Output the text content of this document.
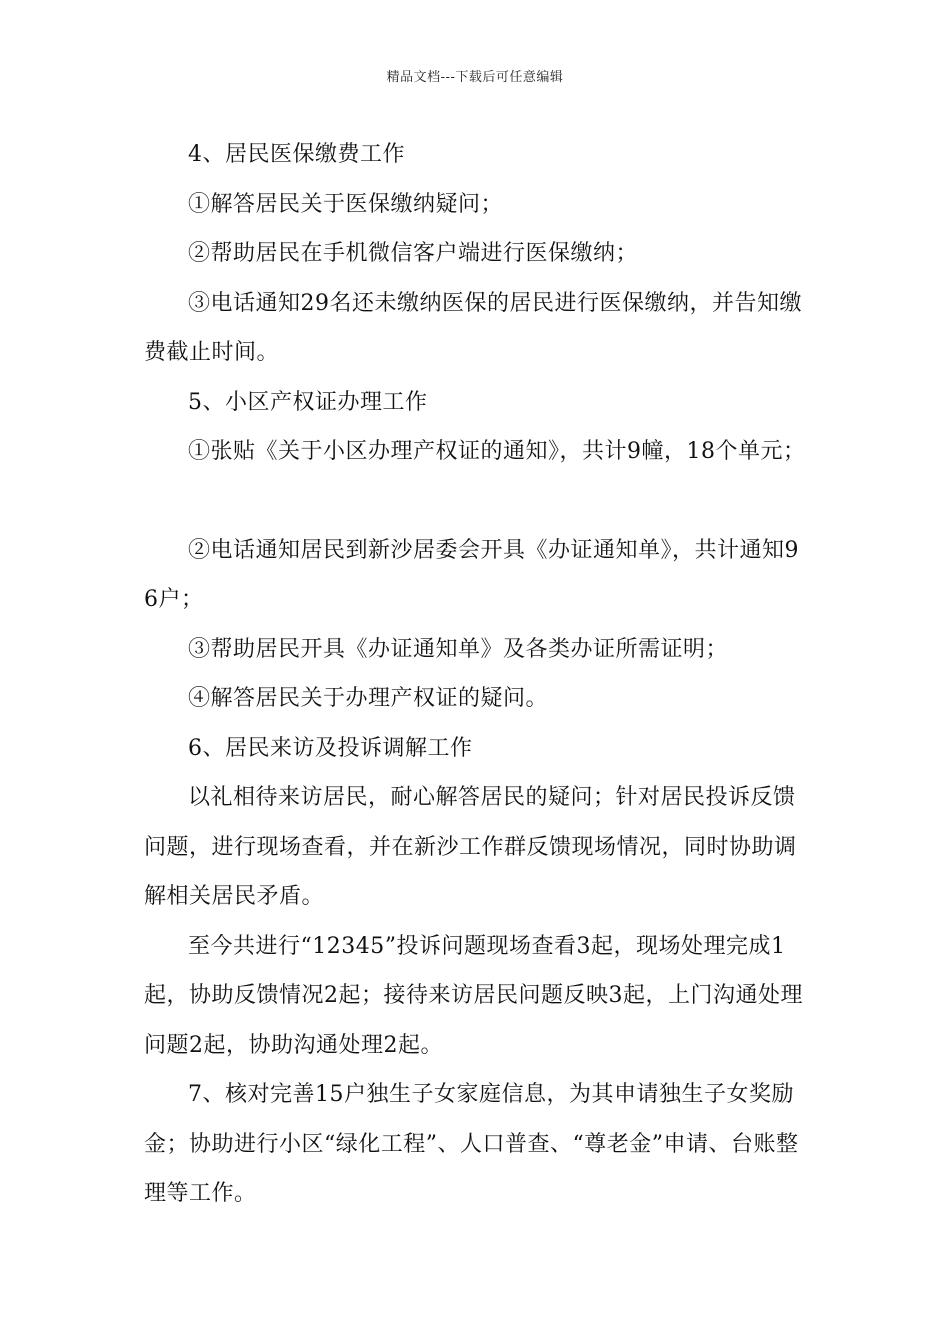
精品文档---下载后可任意编辑

4、居民医保缴费工作

①解答居民关于医保缴纳疑问；

②帮助居民在手机微信客户端进行医保缴纳；

③电话通知29名还未缴纳医保的居民进行医保缴纳，并告知缴费截止时间。

5、小区产权证办理工作

①张贴《关于小区办理产权证的通知》，共计9幢，18个单元；

②电话通知居民到新沙居委会开具《办证通知单》，共计通知96户；

③帮助居民开具《办证通知单》及各类办证所需证明；

④解答居民关于办理产权证的疑问。

6、居民来访及投诉调解工作

以礼相待来访居民，耐心解答居民的疑问；针对居民投诉反馈问题，进行现场查看，并在新沙工作群反馈现场情况，同时协助调解相关居民矛盾。

至今共进行“12345”投诉问题现场查看3起，现场处理完成1起，协助反馈情况2起；接待来访居民问题反映3起，上门沟通处理问题2起，协助沟通处理2起。

7、核对完善15户独生子女家庭信息，为其申请独生子女奖励金；协助进行小区“绿化工程”、人口普查、“尊老金”申请、台账整理等工作。
